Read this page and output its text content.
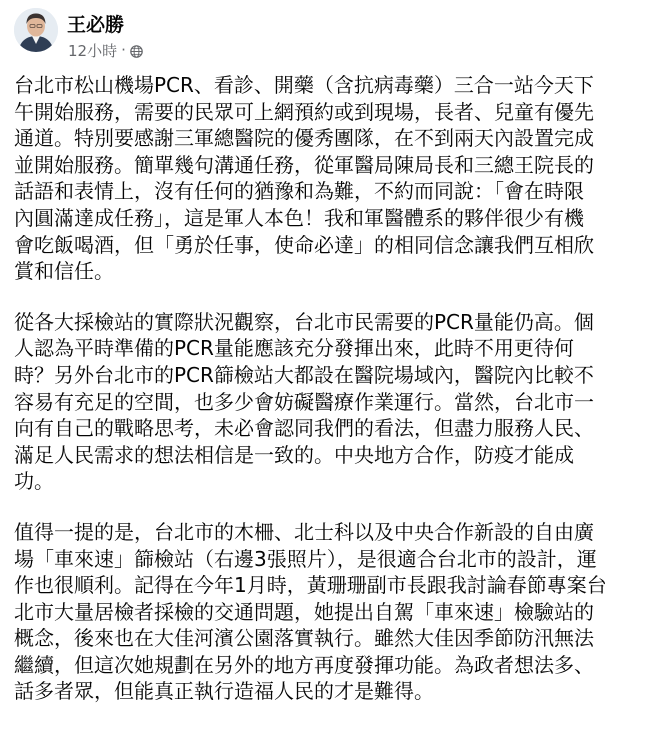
王必勝
12小時 ·
台北市松山機場PCR、看診、開藥（含抗病毒藥）三合一站今天下
午開始服務，需要的民眾可上網預約或到現場，長者、兒童有優先
通道。特別要感謝三軍總醫院的優秀團隊，在不到兩天內設置完成
並開始服務。簡單幾句溝通任務，從軍醫局陳局長和三總王院長的
話語和表情上，沒有任何的猶豫和為難，不約而同說：「會在時限
內圓滿達成任務」，這是軍人本色！我和軍醫體系的夥伴很少有機
會吃飯喝酒，但「勇於任事，使命必達」的相同信念讓我們互相欣
賞和信任。
從各大採檢站的實際狀況觀察，台北市民需要的PCR量能仍高。個
人認為平時準備的PCR量能應該充分發揮出來，此時不用更待何
時？另外台北市的PCR篩檢站大都設在醫院場域內，醫院內比較不
容易有充足的空間，也多少會妨礙醫療作業運行。當然，台北市一
向有自己的戰略思考，未必會認同我們的看法，但盡力服務人民、
滿足人民需求的想法相信是一致的。中央地方合作，防疫才能成
功。
值得一提的是，台北市的木柵、北士科以及中央合作新設的自由廣
場「車來速」篩檢站（右邊3張照片），是很適合台北市的設計，運
作也很順利。記得在今年1月時，黃珊珊副市長跟我討論春節專案台
北市大量居檢者採檢的交通問題，她提出自駕「車來速」檢驗站的
概念，後來也在大佳河濱公園落實執行。雖然大佳因季節防汛無法
繼續，但這次她規劃在另外的地方再度發揮功能。為政者想法多、
話多者眾，但能真正執行造福人民的才是難得。
